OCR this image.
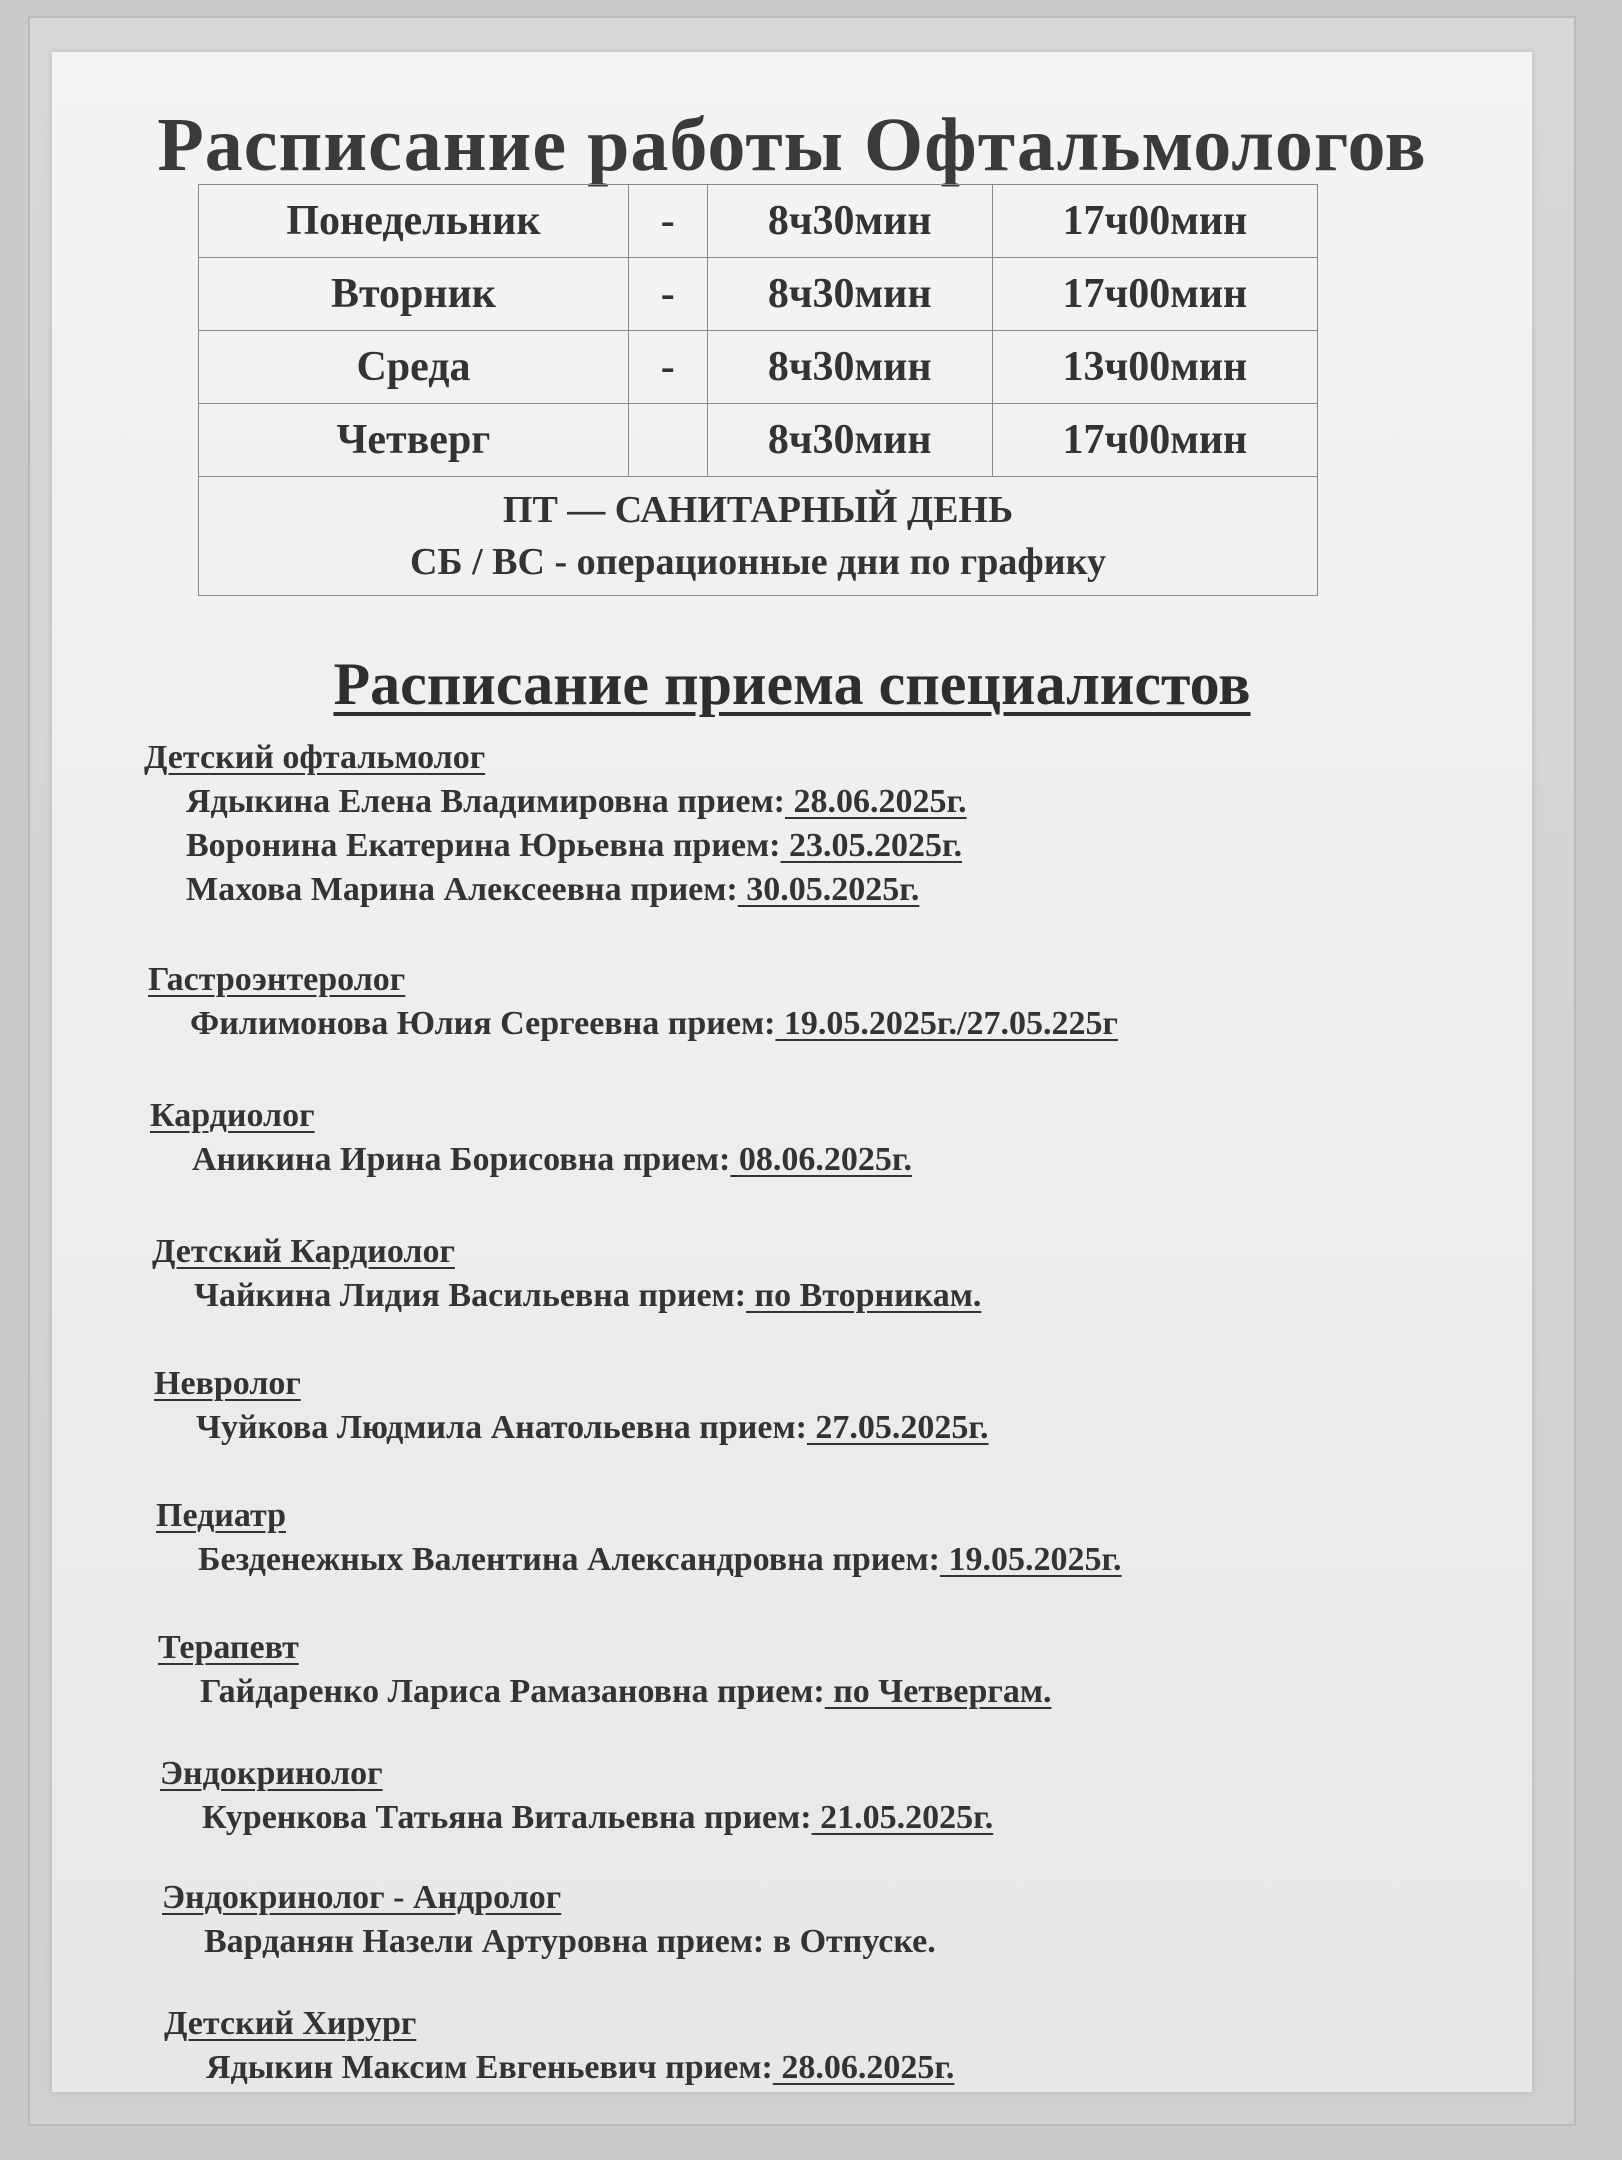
Расписание работы Офтальмологов
Понедельник	-	8ч30мин	17ч00мин
Вторник	-	8ч30мин	17ч00мин
Среда	-	8ч30мин	13ч00мин
Четверг		8ч30мин	17ч00мин

ПТ — САНИТАРНЫЙ ДЕНЬ
СБ / ВС - операционные дни по графику			
Расписание приема специалистов
Детский офтальмолог
Ядыкина Елена Владимировна прием: 28.06.2025г.
Воронина Екатерина Юрьевна прием: 23.05.2025г.
Махова Марина Алексеевна прием: 30.05.2025г.
Гастроэнтеролог
Филимонова Юлия Сергеевна прием: 19.05.2025г./27.05.225г
Кардиолог
Аникина Ирина Борисовна прием: 08.06.2025г.
Детский Кардиолог
Чайкина Лидия Васильевна прием: по Вторникам.
Невролог
Чуйкова Людмила Анатольевна прием: 27.05.2025г.
Педиатр
Безденежных Валентина Александровна прием: 19.05.2025г.
Терапевт
Гайдаренко Лариса Рамазановна прием: по Четвергам.
Эндокринолог
Куренкова Татьяна Витальевна прием: 21.05.2025г.
Эндокринолог - Андролог
Варданян Назели Артуровна прием: в Отпуске.
Детский Хирург
Ядыкин Максим Евгеньевич прием: 28.06.2025г.
